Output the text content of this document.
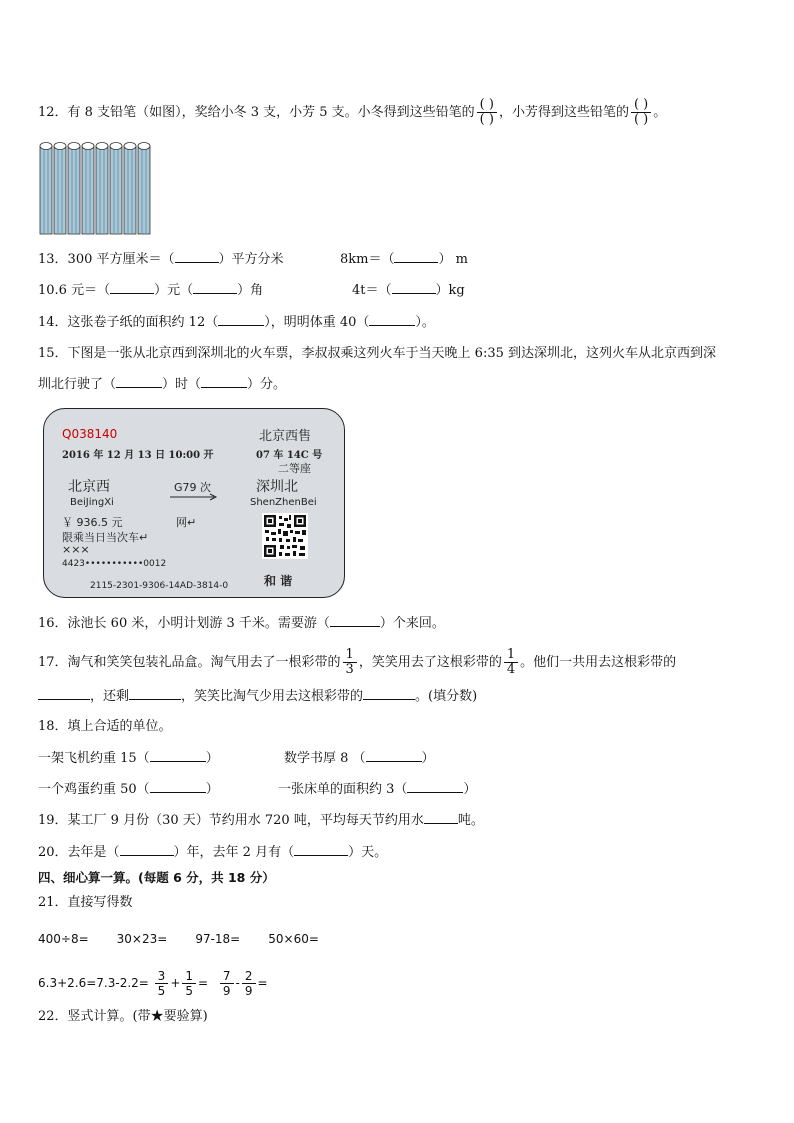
12．有 8 支铅笔（如图），奖给小冬 3 支，小芳 5 支。小冬得到这些铅笔的 $\frac{( )}{( )}$ ，小芳得到这些铅笔的 $\frac{( )}{( )}$ 。
13．300 平方厘米＝（	）平方分米	8km＝（	） m
10.6 元＝（	）元（	）角	4t＝（	）kg
14．这张卷子纸的面积约 12（	），明明体重 40（	）。
15．下图是一张从北京西到深圳北的火车票，李叔叔乘这列火车于当天晚上 6:35 到达深圳北，这列火车从北京西到深
圳北行驶了（	）时（	）分。
Q038140	北京西售
2016 年 12 月 13 日 10:00 开	07 车 14C 号
二等座
北京西	G79 次	深圳北
BeiJingXi	ShenZhenBei
￥ 936.5 元	网↵
限乘当日当次车↵
×××
4423•••••••••••0012
和 谐
2115-2301-9306-14AD-3814-0
16．泳池长 60 米，小明计划游 3 千米。需要游（	）个来回。
17．淘气和笑笑包装礼品盒。淘气用去了一根彩带的 $\frac{1}{3}$ ，笑笑用去了这根彩带的 $\frac{1}{4}$ 。他们一共用去这根彩带的
，还剩	，笑笑比淘气少用去这根彩带的	。(填分数)
18．填上合适的单位。
一架飞机约重 15（	）	数学书厚 8 （	）
一个鸡蛋约重 50（	）	一张床单的面积约 3（	）
19．某工厂 9 月份（30 天）节约用水 720 吨，平均每天节约用水	吨。
20．去年是（	）年，去年 2 月有（	）天。
四、细心算一算。(每题 6 分，共 18 分）
21．直接写得数
400÷8= 30×23= 97-18= 50×60=
$6.3+2.6=7.3-2.2= \frac{3}{5} + \frac{1}{5} = \frac{7}{9} - \frac{2}{9}$ =
22．竖式计算。(带★要验算)
